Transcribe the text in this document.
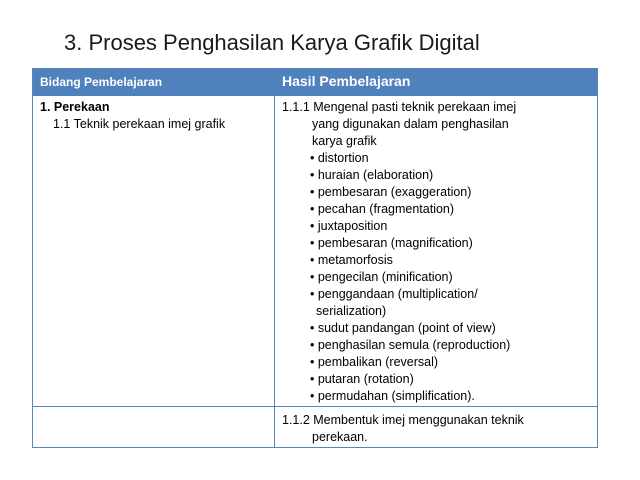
3. Proses Penghasilan Karya Grafik Digital
Bidang Pembelajaran	Hasil Pembelajaran
1. Perekaan
1.1 Teknik perekaan imej grafik
1.1.1 Mengenal pasti teknik perekaan imej
yang digunakan dalam penghasilan
karya grafik
• distortion
• huraian (elaboration)
• pembesaran (exaggeration)
• pecahan (fragmentation)
• juxtaposition
• pembesaran (magnification)
• metamorfosis
• pengecilan (minification)
• penggandaan (multiplication/
serialization)
• sudut pandangan (point of view)
• penghasilan semula (reproduction)
• pembalikan (reversal)
• putaran (rotation)
• permudahan (simplification).
1.1.2 Membentuk imej menggunakan teknik
perekaan.
